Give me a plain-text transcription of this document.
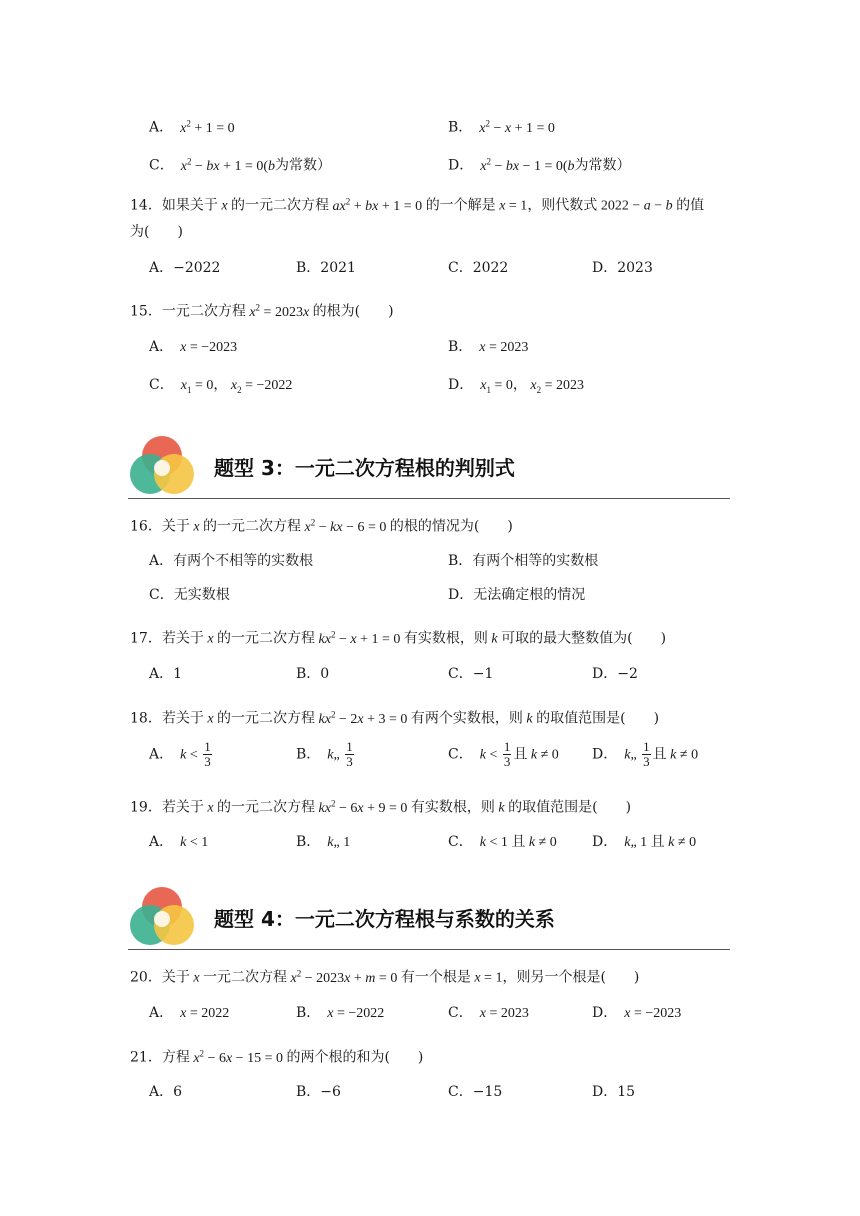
A． $x^2 + 1 = 0$	B． $x^2 - x + 1 = 0$
C． $x^2$ − bx + 1 = 0(b为常数）	D． $x^2$ − bx − 1 = 0(b为常数）
14．如果关于 x 的一元二次方程 $ax^2$ + bx + 1 = 0 的一个解是 x = 1，则代数式 2022 − a − b 的值
为(　　)
A．−2022	B．2021	C．2022	D．2023
15．一元二次方程 $x^2 = 2023x$ 的根为(　　)
A． x = −2023	B． x = 2023
C． $x_1 = 0$， $x_2 = -2022$	D． $x_1 = 0$， $x_2 = 2023$
题型 3：一元二次方程根的判别式
16．关于 x 的一元二次方程 $x^2$ − kx − 6 = 0 的根的情况为(　　)
A．有两个不相等的实数根	B．有两个相等的实数根
C．无实数根	D．无法确定根的情况
17．若关于 x 的一元二次方程 $kx^2 - x + 1 = 0$ 有实数根，则 k 可取的最大整数值为(　　)
A．1	B．0	C．−1	D．−2
18．若关于 x 的一元二次方程 $kx^2 - 2x + 3 = 0$ 有两个实数根，则 k 的取值范围是(　　)
A． $k < \frac{1}{3}$	B． k„ $\frac{1}{3}$	C． $k < \frac{1}{3}$ 且 k ≠ 0 D． k„ $\frac{1}{3}$ 且 k ≠ 0
19．若关于 x 的一元二次方程 $kx^2 - 6x + 9 = 0$ 有实数根，则 k 的取值范围是(　　)
A． k < 1	B． k„ 1	C． k < 1 且 k ≠ 0	D． k„ 1 且 k ≠ 0
题型 4：一元二次方程根与系数的关系
20．关于 x 一元二次方程 $x^2 - 2023x + m = 0$ 有一个根是 x = 1，则另一个根是(　　)
A． x = 2022	B． x = −2022	C． x = 2023	D． x = −2023
21．方程 $x^2 - 6x - 15 = 0$ 的两个根的和为(　　)
A．6	B．−6	C．−15	D．15
